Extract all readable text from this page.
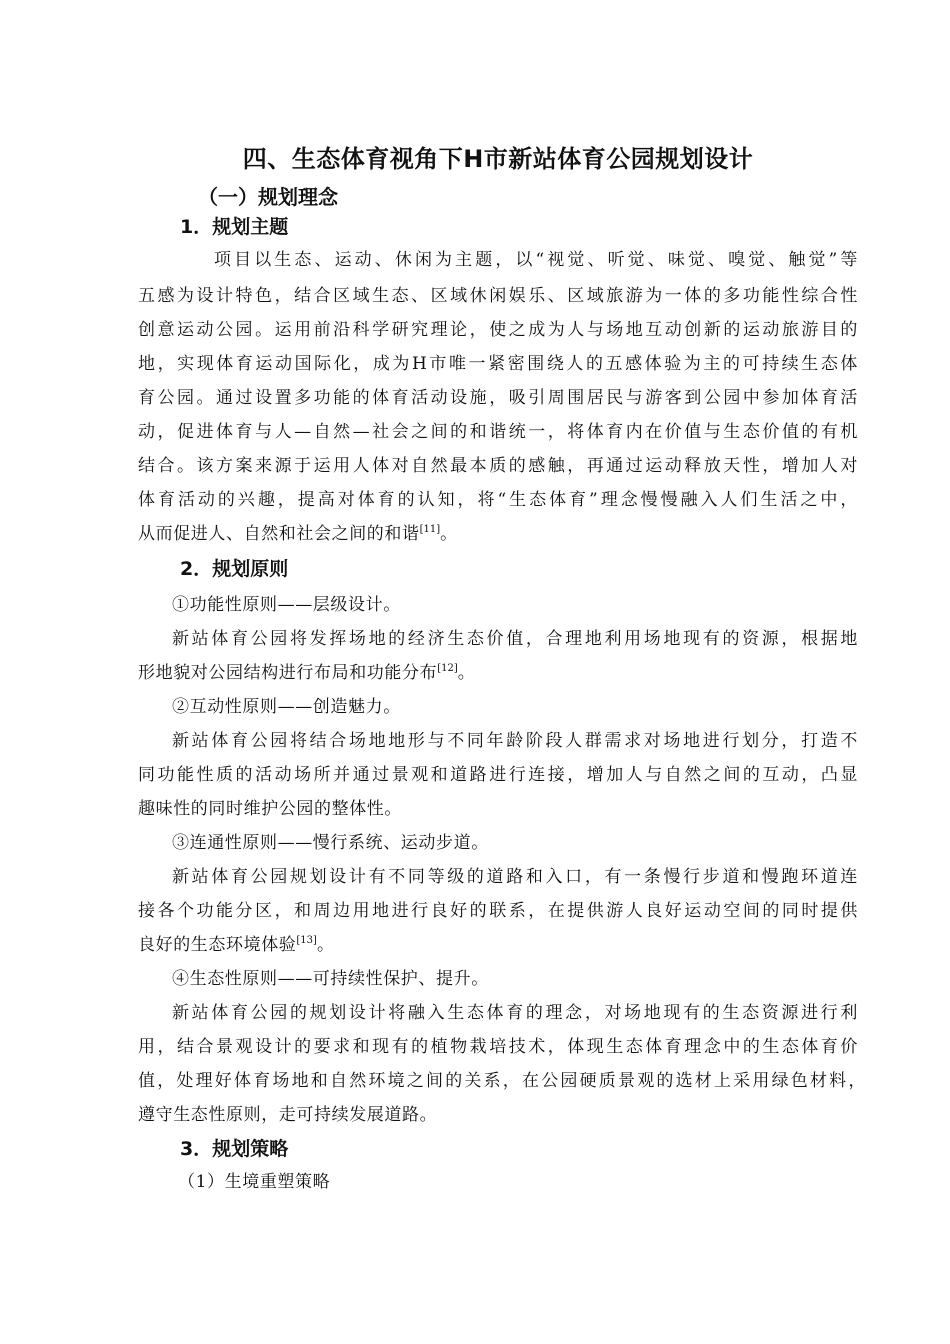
四、生态体育视角下H市新站体育公园规划设计
（一）规划理念
1．规划主题
项目以生态、运动、休闲为主题，以“视觉、听觉、味觉、嗅觉、触觉”等
五感为设计特色，结合区域生态、区域休闲娱乐、区域旅游为一体的多功能性综合性
创意运动公园。运用前沿科学研究理论，使之成为人与场地互动创新的运动旅游目的
地，实现体育运动国际化，成为H市唯一紧密围绕人的五感体验为主的可持续生态体
育公园。通过设置多功能的体育活动设施，吸引周围居民与游客到公园中参加体育活
动，促进体育与人—自然—社会之间的和谐统一，将体育内在价值与生态价值的有机
结合。该方案来源于运用人体对自然最本质的感触，再通过运动释放天性，增加人对
体育活动的兴趣，提高对体育的认知，将“生态体育”理念慢慢融入人们生活之中，
从而促进人、自然和社会之间的和谐[11]。
2．规划原则
①功能性原则——层级设计。
新站体育公园将发挥场地的经济生态价值，合理地利用场地现有的资源，根据地
形地貌对公园结构进行布局和功能分布[12]。
②互动性原则——创造魅力。
新站体育公园将结合场地地形与不同年龄阶段人群需求对场地进行划分，打造不
同功能性质的活动场所并通过景观和道路进行连接，增加人与自然之间的互动，凸显
趣味性的同时维护公园的整体性。
③连通性原则——慢行系统、运动步道。
新站体育公园规划设计有不同等级的道路和入口，有一条慢行步道和慢跑环道连
接各个功能分区，和周边用地进行良好的联系，在提供游人良好运动空间的同时提供
良好的生态环境体验[13]。
④生态性原则——可持续性保护、提升。
新站体育公园的规划设计将融入生态体育的理念，对场地现有的生态资源进行利
用，结合景观设计的要求和现有的植物栽培技术，体现生态体育理念中的生态体育价
值，处理好体育场地和自然环境之间的关系，在公园硬质景观的选材上采用绿色材料，
遵守生态性原则，走可持续发展道路。
3．规划策略
（1）生境重塑策略
